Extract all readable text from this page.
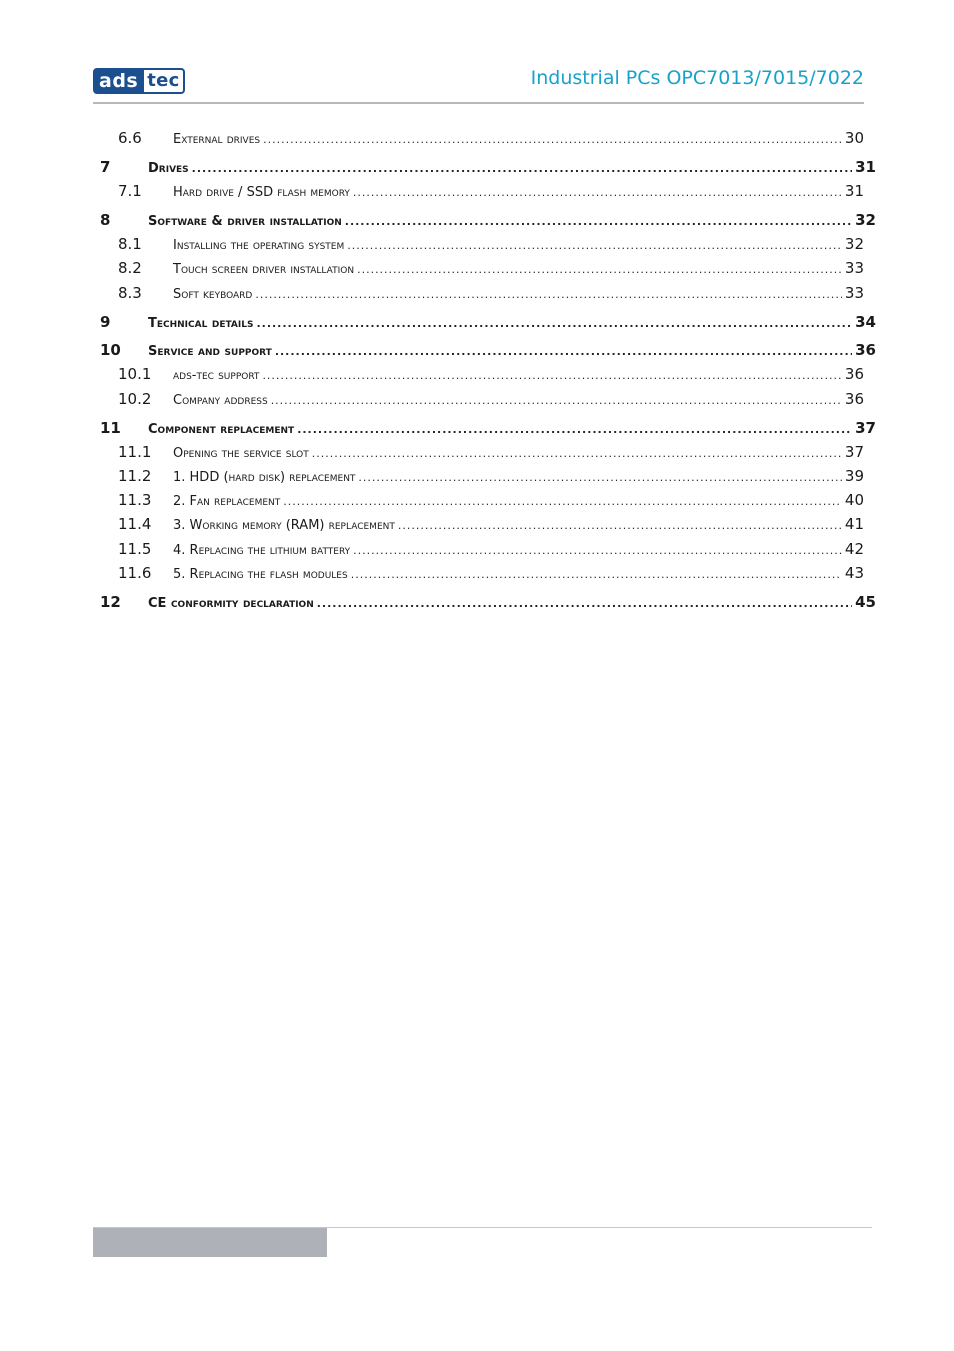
ads tec	Industrial PCs OPC7013/7015/7022
6.6	External drives .....	30
7	Drives .....	31
7.1	Hard drive / SSD flash memory .....	31
8	Software & driver installation .....	32
8.1	Installing the operating system .....	32
8.2	Touch screen driver installation .....	33
8.3	Soft keyboard .....	33
9	Technical details .....	34
10	Service and support .....	36
10.1	ads-tec support .....	36
10.2	Company address .....	36
11	Component replacement .....	37
11.1	Opening the service slot .....	37
11.2	1. HDD (hard disk) replacement .....	39
11.3	2. Fan replacement .....	40
11.4	3. Working memory (RAM) replacement .....	41
11.5	4. Replacing the lithium battery .....	42
11.6	5. Replacing the flash modules .....	43
12	CE conformity declaration .....	45
